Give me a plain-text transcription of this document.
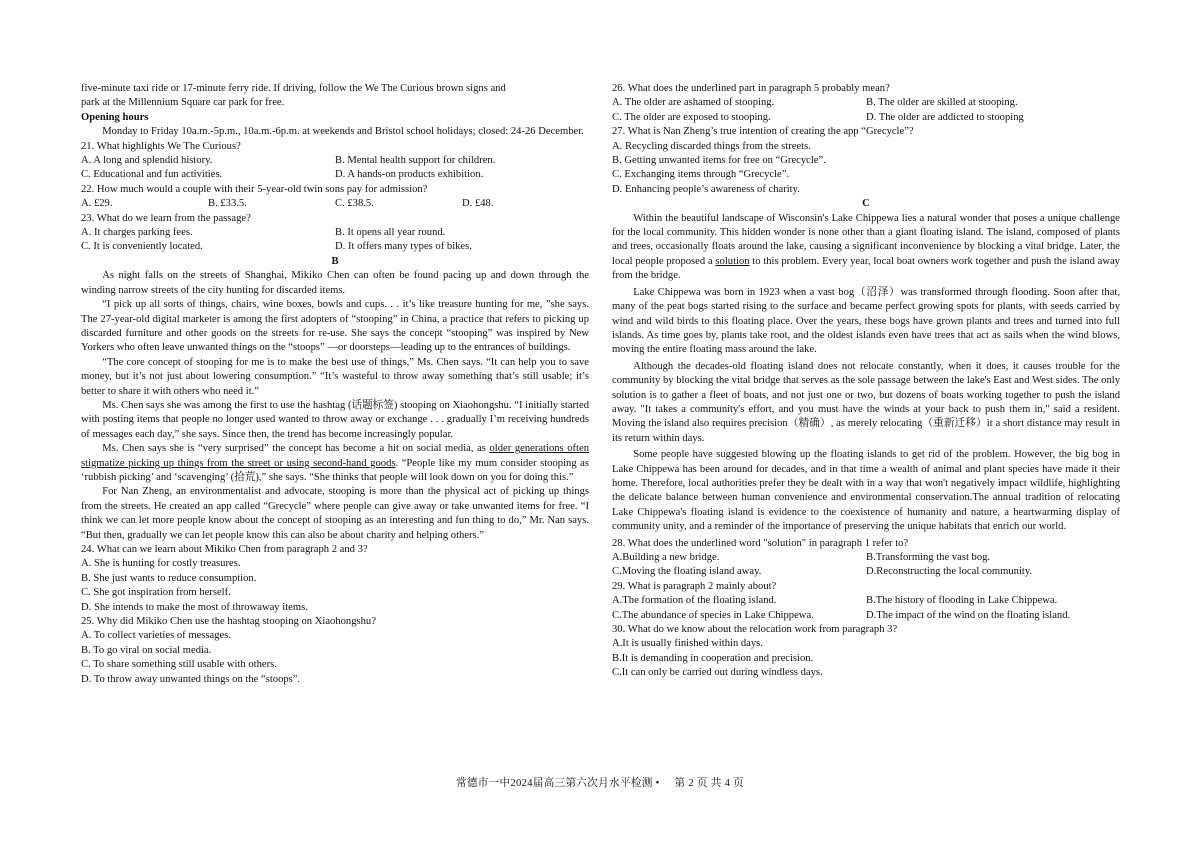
five-minute taxi ride or 17-minute ferry ride. If driving, follow the We The Curious brown signs and

park at the Millennium Square car park for free.

Opening hours

Monday to Friday 10a.m.-5p.m., 10a.m.-6p.m. at weekends and Bristol school holidays; closed: 24-26 December.

21. What highlights We The Curious?

A. A long and splendid history.	B. Mental health support for children.
C. Educational and fun activities.	D. A hands-on products exhibition.

22. How much would a couple with their 5-year-old twin sons pay for admission?

A. £29.	B. £33.5.	C. £38.5.	D. £48.

23. What do we learn from the passage?

A. It charges parking fees.	B. It opens all year round.
C. It is conveniently located.	D. It offers many types of bikes.

B

As night falls on the streets of Shanghai, Mikiko Chen can often be found pacing up and down through the winding narrow streets of the city hunting for discarded items.

“I pick up all sorts of things, chairs, wine boxes, bowls and cups. . . it’s like treasure hunting for me, ”she says. The 27-year-old digital marketer is among the first adopters of “stooping” in China, a practice that refers to picking up discarded furniture and other goods on the streets for re-use. She says the concept “stooping” was inspired by New Yorkers who often leave unwanted things on the “stoops” —or doorsteps—leading up to the entrances of buildings.

“The core concept of stooping for me is to make the best use of things,” Ms. Chen says. “It can help you to save money, but it’s not just about lowering consumption.” “It’s wasteful to throw away something that’s still usable; it’s better to share it with others who need it.”

Ms. Chen says she was among the first to use the hashtag (话题标签) stooping on Xiaohongshu. “I initially started with posting items that people no longer used wanted to throw away or exchange . . . gradually I’m receiving hundreds of messages each day,” she says. Since then, the trend has become increasingly popular.

Ms. Chen says she is “very surprised” the concept has become a hit on social media, as older generations often stigmatize picking up things from the street or using second-hand goods. “People like my mum consider stooping as ‘rubbish picking’ and ‘scavenging’ (拾荒),” she says. “She thinks that people will look down on you for doing this.”

For Nan Zheng, an environmentalist and advocate, stooping is more than the physical act of picking up things from the streets. He created an app called “Grecycle” where people can give away or take unwanted items for free. “I think we can let more people know about the concept of stooping as an interesting and fun thing to do,” Mr. Nan says. “But then, gradually we can let people know this can also be about charity and helping others.”

24. What can we learn about Mikiko Chen from paragraph 2 and 3?

A. She is hunting for costly treasures.

B. She just wants to reduce consumption.

C. She got inspiration from herself.

D. She intends to make the most of throwaway items.

25. Why did Mikiko Chen use the hashtag stooping on Xiaohongshu?

A. To collect varieties of messages.

B. To go viral on social media.

C. To share something still usable with others.

D. To throw away unwanted things on the “stoops”.

26. What does the underlined part in paragraph 5 probably mean?

A. The older are ashamed of stooping.	B. The older are skilled at stooping.
C. The older are exposed to stooping.	D. The older are addicted to stooping

27. What is Nan Zheng’s true intention of creating the app “Grecycle”?

A. Recycling discarded things from the streets.

B. Getting unwanted items for free on “Grecycle”.

C. Exchanging items through “Grecycle”.

D. Enhancing people’s awareness of charity.

C

Within the beautiful landscape of Wisconsin's Lake Chippewa lies a natural wonder that poses a unique challenge for the local community. This hidden wonder is none other than a giant floating island. The island, composed of plants and trees, occasionally floats around the lake, causing a significant inconvenience by blocking a vital bridge. Later, the local people proposed a solution to this problem. Every year, local boat owners work together and push the island away from the bridge.

Lake Chippewa was born in 1923 when a vast bog（沼泽）was transformed through flooding. Soon after that, many of the peat bogs started rising to the surface and became perfect growing spots for plants, with seeds carried by wind and wild birds to this floating place. Over the years, these bogs have grown plants and trees and turned into full islands. As time goes by, plants take root, and the oldest islands even have trees that act as sails when the wind blows, moving the entire floating mass around the lake.

Although the decades-old floating island does not relocate constantly, when it does, it causes trouble for the community by blocking the vital bridge that serves as the sole passage between the lake's East and West sides. The only solution is to gather a fleet of boats, and not just one or two, but dozens of boats working together to push the island away. "It takes a community's effort, and you must have the winds at your back to push them in," said a resident. Moving the island also requires precision（精确）, as merely relocating（重新迁移）it a short distance may result in its return within days.

Some people have suggested blowing up the floating islands to get rid of the problem. However, the big bog in Lake Chippewa has been around for decades, and in that time a wealth of animal and plant species have made it their home. Therefore, local authorities prefer they be dealt with in a way that won't negatively impact wildlife, highlighting the delicate balance between human convenience and environmental conservation.The annual tradition of relocating Lake Chippewa's floating island is evidence to the coexistence of humanity and nature, a heartwarming display of community unity, and a reminder of the importance of preserving the unique habitats that enrich our world.

28. What does the underlined word "solution" in paragraph 1 refer to?

A.Building a new bridge.	B.Transforming the vast bog.
C.Moving the floating island away.	D.Reconstructing the local community.

29. What is paragraph 2 mainly about?

A.The formation of the floating island.	B.The history of flooding in Lake Chippewa.
C.The abundance of species in Lake Chippewa.	D.The impact of the wind on the floating island.

30. What do we know about the relocation work from paragraph 3?

A.It is usually finished within days.

B.It is demanding in cooperation and precision.

C.It can only be carried out during windless days.

常德市一中2024届高三第六次月水平检测 • 第 2 页 共 4 页
